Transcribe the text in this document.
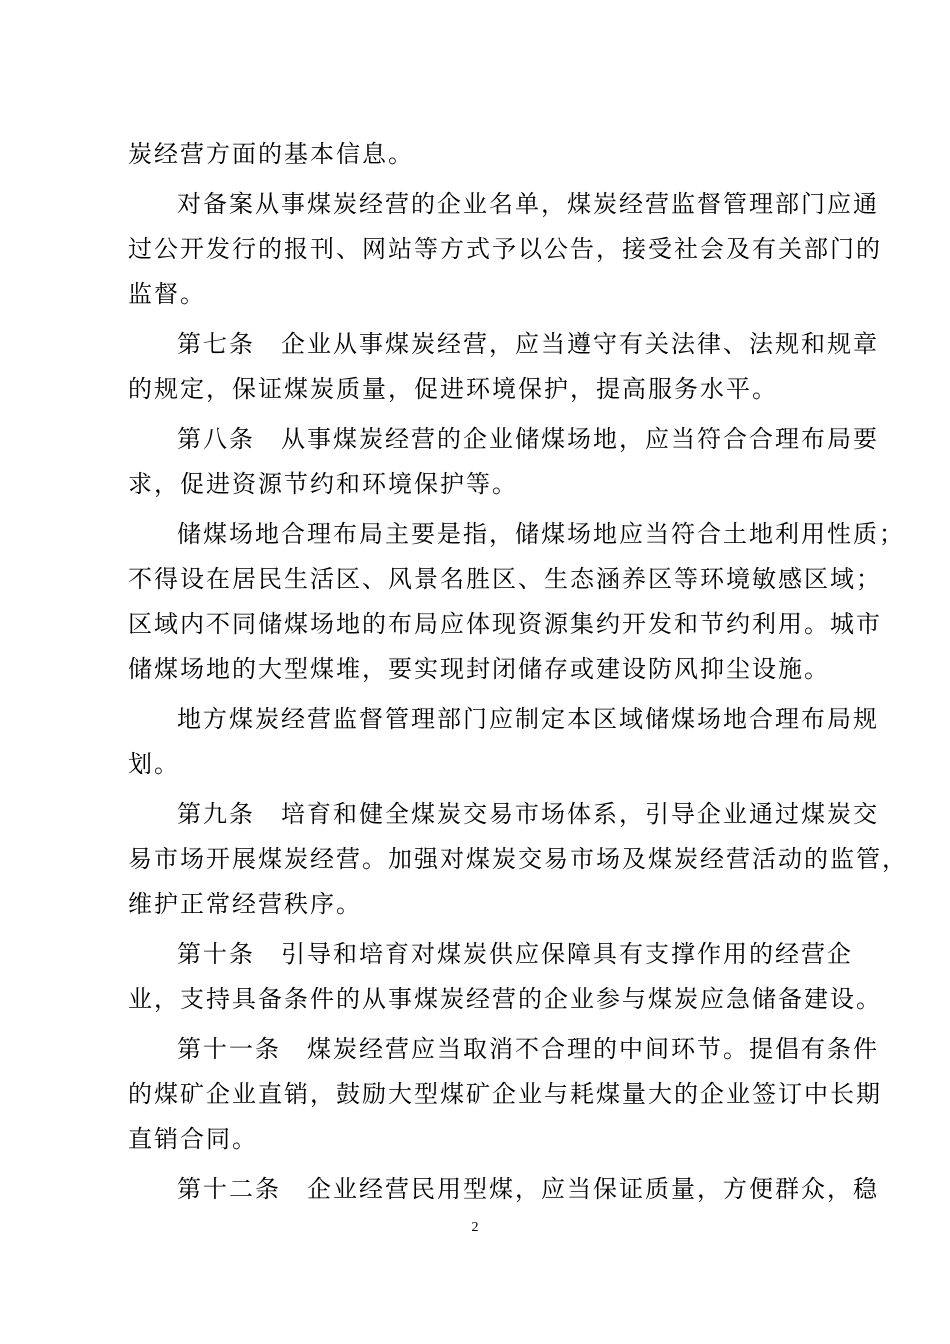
炭经营方面的基本信息。
对备案从事煤炭经营的企业名单，煤炭经营监督管理部门应通
过公开发行的报刊、网站等方式予以公告，接受社会及有关部门的
监督。
第七条　企业从事煤炭经营，应当遵守有关法律、法规和规章
的规定，保证煤炭质量，促进环境保护，提高服务水平。
第八条　从事煤炭经营的企业储煤场地，应当符合合理布局要
求，促进资源节约和环境保护等。
储煤场地合理布局主要是指，储煤场地应当符合土地利用性质；
不得设在居民生活区、风景名胜区、生态涵养区等环境敏感区域；
区域内不同储煤场地的布局应体现资源集约开发和节约利用。城市
储煤场地的大型煤堆，要实现封闭储存或建设防风抑尘设施。
地方煤炭经营监督管理部门应制定本区域储煤场地合理布局规
划。
第九条　培育和健全煤炭交易市场体系，引导企业通过煤炭交
易市场开展煤炭经营。加强对煤炭交易市场及煤炭经营活动的监管，
维护正常经营秩序。
第十条　引导和培育对煤炭供应保障具有支撑作用的经营企
业，支持具备条件的从事煤炭经营的企业参与煤炭应急储备建设。
第十一条　煤炭经营应当取消不合理的中间环节。提倡有条件
的煤矿企业直销，鼓励大型煤矿企业与耗煤量大的企业签订中长期
直销合同。
第十二条　企业经营民用型煤，应当保证质量，方便群众，稳
2
